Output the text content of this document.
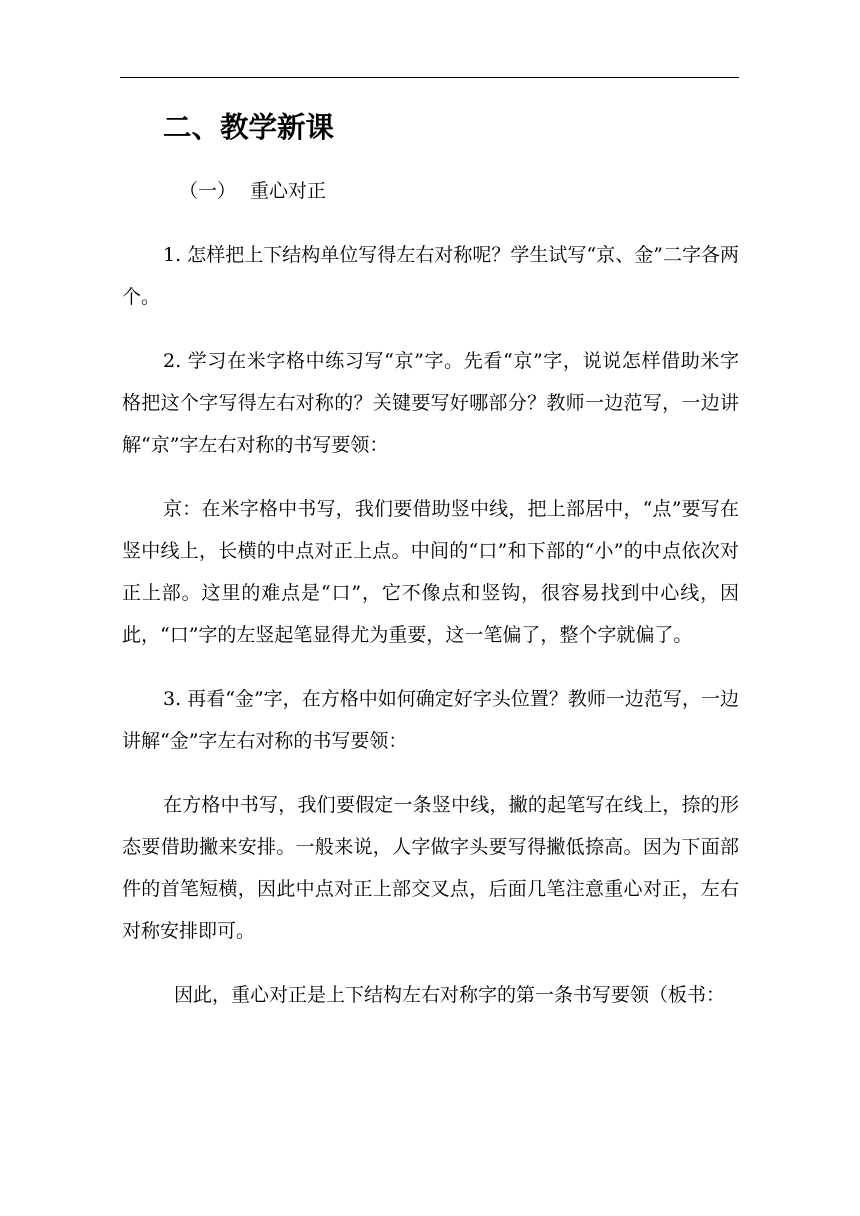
二、教学新课
（一） 重心对正

1. 怎样把上下结构单位写得左右对称呢？学生试写“京、金”二字各两个。

2. 学习在米字格中练习写“京”字。先看“京”字，说说怎样借助米字格把这个字写得左右对称的？关键要写好哪部分？教师一边范写，一边讲解“京”字左右对称的书写要领：

京：在米字格中书写，我们要借助竖中线，把上部居中，“点”要写在竖中线上，长横的中点对正上点。中间的“口”和下部的“小”的中点依次对正上部。这里的难点是“口”，它不像点和竖钩，很容易找到中心线，因此，“口”字的左竖起笔显得尤为重要，这一笔偏了，整个字就偏了。

3. 再看“金”字，在方格中如何确定好字头位置？教师一边范写，一边讲解“金”字左右对称的书写要领：

在方格中书写，我们要假定一条竖中线，撇的起笔写在线上，捺的形态要借助撇来安排。一般来说，人字做字头要写得撇低捺高。因为下面部件的首笔短横，因此中点对正上部交叉点，后面几笔注意重心对正，左右对称安排即可。

因此，重心对正是上下结构左右对称字的第一条书写要领（板书：
